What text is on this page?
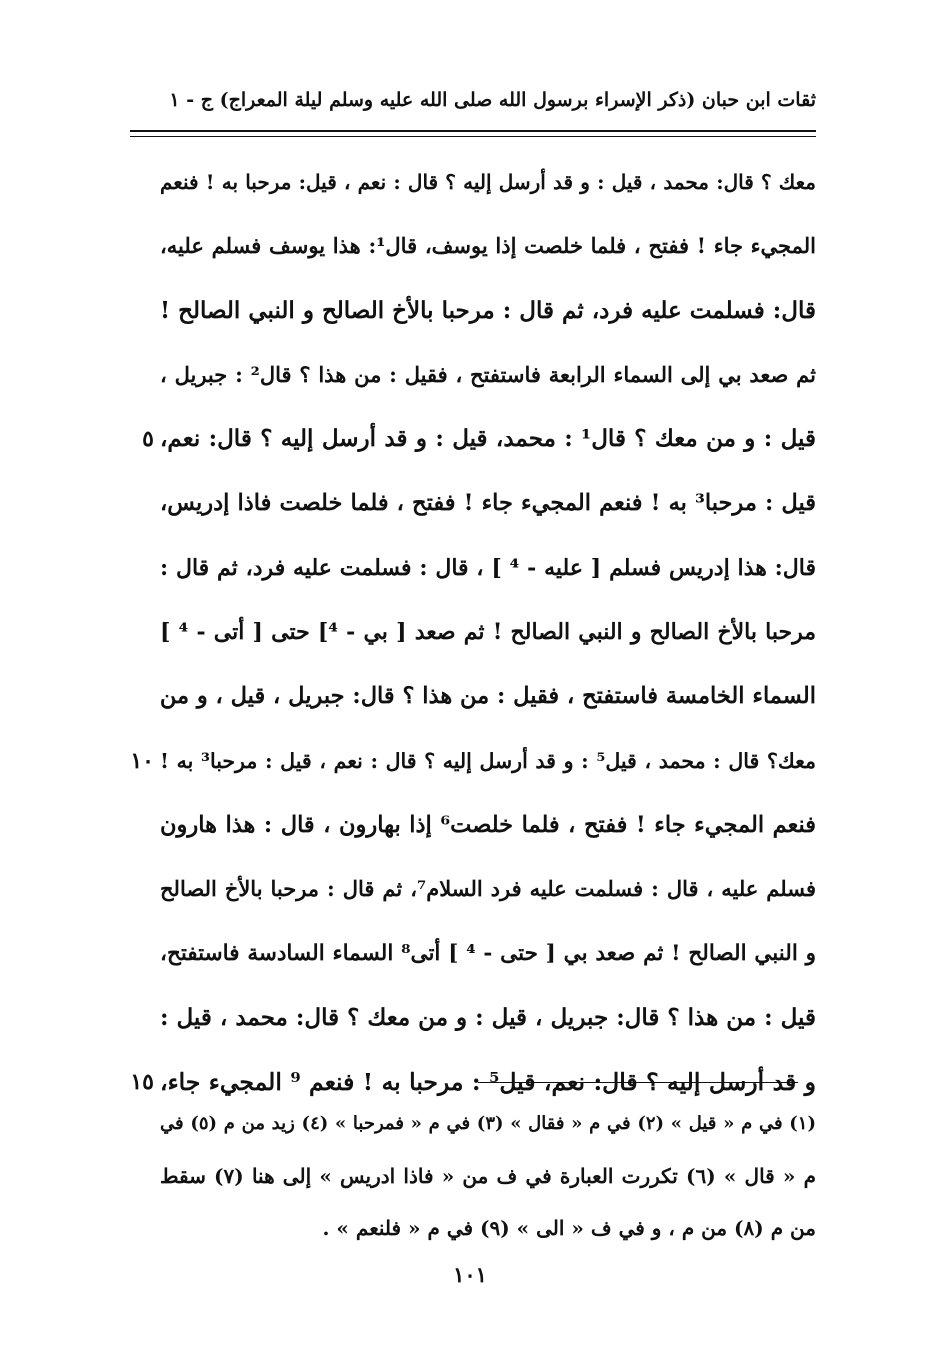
ثقات ابن حبان (ذكر الإسراء برسول الله صلى الله عليه وسلم ليلة المعراج) ج - ١
معك ؟ قال: محمد ، قيل : و قد أرسل إليه ؟ قال : نعم ، قيل: مرحبا به ! فنعم
المجيء جاء ! ففتح ، فلما خلصت إذا يوسف، قال¹: هذا يوسف فسلم عليه،
قال: فسلمت عليه فرد، ثم قال : مرحبا بالأخ الصالح و النبي الصالح !
ثم صعد بي إلى السماء الرابعة فاستفتح ، فقيل : من هذا ؟ قال² : جبريل ،
قيل : و من معك ؟ قال¹ : محمد، قيل : و قد أرسل إليه ؟ قال: نعم،
٥
قيل : مرحبا³ به ! فنعم المجيء جاء ! ففتح ، فلما خلصت فاذا إدريس،
قال: هذا إدريس فسلم [ عليه - ⁴ ] ، قال : فسلمت عليه فرد، ثم قال :
مرحبا بالأخ الصالح و النبي الصالح ! ثم صعد [ بي - ⁴] حتى [ أتى - ⁴ ]
السماء الخامسة فاستفتح ، فقيل : من هذا ؟ قال: جبريل ، قيل ، و من
معك؟ قال : محمد ، قيل⁵ : و قد أرسل إليه ؟ قال : نعم ، قيل : مرحبا³ به !
١٠
فنعم المجيء جاء ! ففتح ، فلما خلصت⁶ إذا بهارون ، قال : هذا هارون
فسلم عليه ، قال : فسلمت عليه فرد السلام⁷، ثم قال : مرحبا بالأخ الصالح
و النبي الصالح ! ثم صعد بي [ حتى - ⁴ ] أتى⁸ السماء السادسة فاستفتح،
قيل : من هذا ؟ قال: جبريل ، قيل : و من معك ؟ قال: محمد ، قيل :
و قد أرسل إليه ؟ قال: نعم، قيل⁵ : مرحبا به ! فنعم ⁹ المجيء جاء،
١٥
(١) في م « قيل » (٢) في م « فقال » (٣) في م « فمرحبا » (٤) زيد من م (٥) في
م « قال » (٦) تكررت العبارة في ف من « فاذا ادريس » إلى هنا (٧) سقط
من م (٨) من م ، و في ف « الى » (٩) في م « فلنعم » .
١٠١
